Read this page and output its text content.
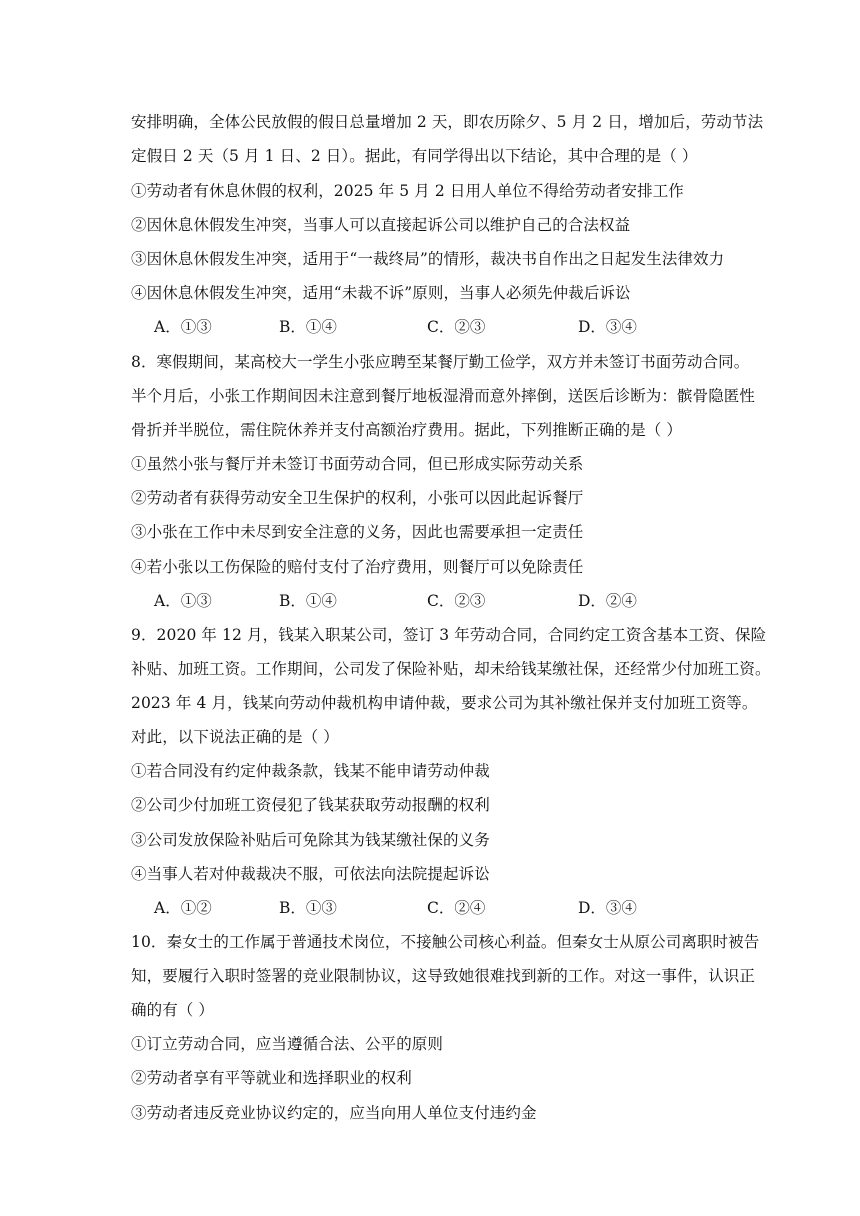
安排明确，全体公民放假的假日总量增加 2 天，即农历除夕、5 月 2 日，增加后，劳动节法
定假日 2 天（5 月 1 日、2 日）。据此，有同学得出以下结论，其中合理的是（ ）
①劳动者有休息休假的权利，2025 年 5 月 2 日用人单位不得给劳动者安排工作
②因休息休假发生冲突，当事人可以直接起诉公司以维护自己的合法权益
③因休息休假发生冲突，适用于“一裁终局”的情形，裁决书自作出之日起发生法律效力
④因休息休假发生冲突，适用“未裁不诉”原则，当事人必须先仲裁后诉讼
A．①③	B．①④	C．②③	D．③④
8．寒假期间，某高校大一学生小张应聘至某餐厅勤工俭学，双方并未签订书面劳动合同。
半个月后，小张工作期间因未注意到餐厅地板湿滑而意外摔倒，送医后诊断为：髌骨隐匿性
骨折并半脱位，需住院休养并支付高额治疗费用。据此，下列推断正确的是（ ）
①虽然小张与餐厅并未签订书面劳动合同，但已形成实际劳动关系
②劳动者有获得劳动安全卫生保护的权利，小张可以因此起诉餐厅
③小张在工作中未尽到安全注意的义务，因此也需要承担一定责任
④若小张以工伤保险的赔付支付了治疗费用，则餐厅可以免除责任
A．①③	B．①④	C．②③	D．②④
9．2020 年 12 月，钱某入职某公司，签订 3 年劳动合同，合同约定工资含基本工资、保险
补贴、加班工资。工作期间，公司发了保险补贴，却未给钱某缴社保，还经常少付加班工资。
2023 年 4 月，钱某向劳动仲裁机构申请仲裁，要求公司为其补缴社保并支付加班工资等。
对此，以下说法正确的是（ ）
①若合同没有约定仲裁条款，钱某不能申请劳动仲裁
②公司少付加班工资侵犯了钱某获取劳动报酬的权利
③公司发放保险补贴后可免除其为钱某缴社保的义务
④当事人若对仲裁裁决不服，可依法向法院提起诉讼
A．①②	B．①③	C．②④	D．③④
10．秦女士的工作属于普通技术岗位，不接触公司核心利益。但秦女士从原公司离职时被告
知，要履行入职时签署的竞业限制协议，这导致她很难找到新的工作。对这一事件，认识正
确的有（ ）
①订立劳动合同，应当遵循合法、公平的原则
②劳动者享有平等就业和选择职业的权利
③劳动者违反竞业协议约定的，应当向用人单位支付违约金
